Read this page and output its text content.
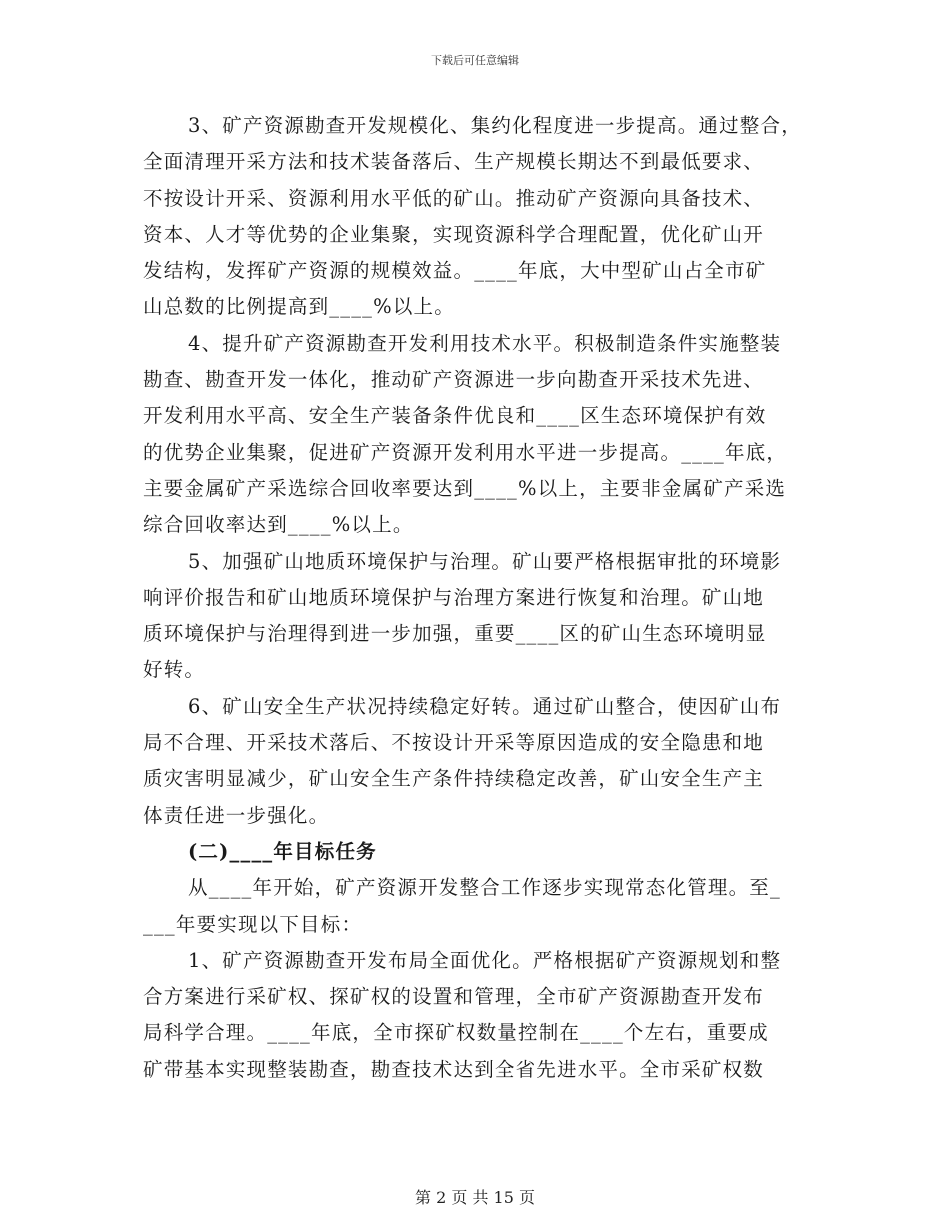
下载后可任意编辑
3、矿产资源勘查开发规模化、集约化程度进一步提高。通过整合，
全面清理开采方法和技术装备落后、生产规模长期达不到最低要求、
不按设计开采、资源利用水平低的矿山。推动矿产资源向具备技术、
资本、人才等优势的企业集聚，实现资源科学合理配置，优化矿山开
发结构，发挥矿产资源的规模效益。____年底，大中型矿山占全市矿
山总数的比例提高到____%以上。
4、提升矿产资源勘查开发利用技术水平。积极制造条件实施整装
勘查、勘查开发一体化，推动矿产资源进一步向勘查开采技术先进、
开发利用水平高、安全生产装备条件优良和____区生态环境保护有效
的优势企业集聚，促进矿产资源开发利用水平进一步提高。____年底，
主要金属矿产采选综合回收率要达到____%以上，主要非金属矿产采选
综合回收率达到____%以上。
5、加强矿山地质环境保护与治理。矿山要严格根据审批的环境影
响评价报告和矿山地质环境保护与治理方案进行恢复和治理。矿山地
质环境保护与治理得到进一步加强，重要____区的矿山生态环境明显
好转。
6、矿山安全生产状况持续稳定好转。通过矿山整合，使因矿山布
局不合理、开采技术落后、不按设计开采等原因造成的安全隐患和地
质灾害明显减少，矿山安全生产条件持续稳定改善，矿山安全生产主
体责任进一步强化。
(二)____年目标任务
从____年开始，矿产资源开发整合工作逐步实现常态化管理。至_
___年要实现以下目标：
1、矿产资源勘查开发布局全面优化。严格根据矿产资源规划和整
合方案进行采矿权、探矿权的设置和管理，全市矿产资源勘查开发布
局科学合理。____年底，全市探矿权数量控制在____个左右，重要成
矿带基本实现整装勘查，勘查技术达到全省先进水平。全市采矿权数
第 2 页 共 15 页
